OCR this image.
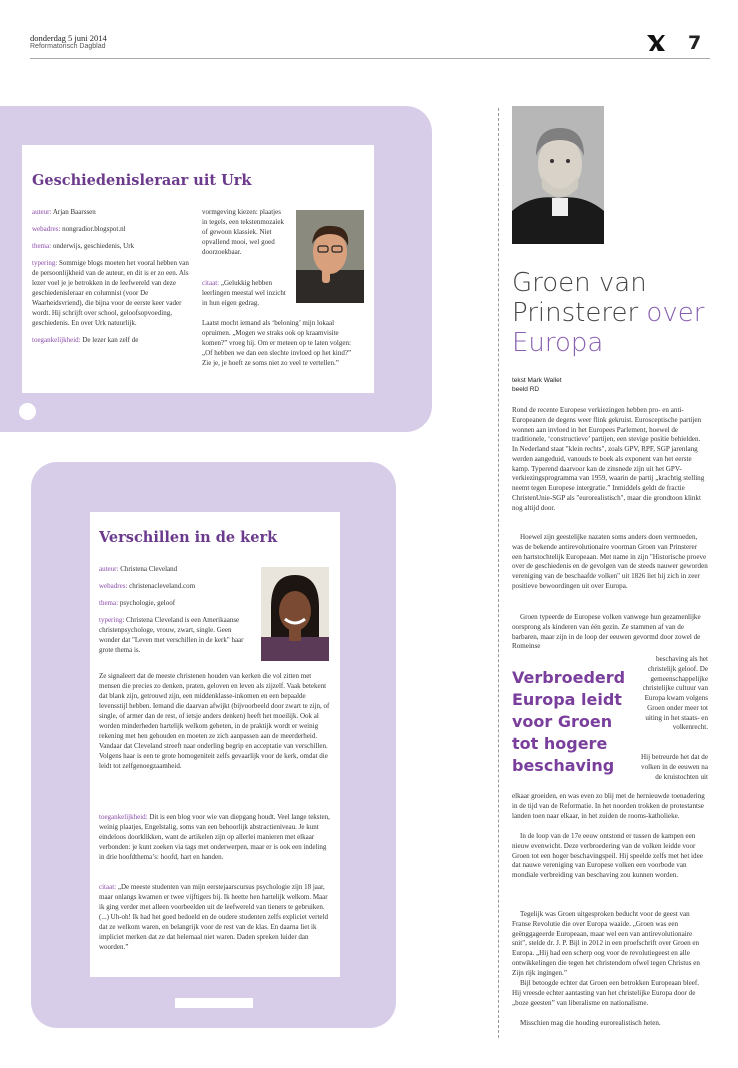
donderdag 5 juni 2014
Reformatorisch Dagblad	7
Geschiedenisleraar uit Urk
auteur: Arjan Baarssen
webadres: nongradior.blogspot.nl
thema: onderwijs, geschiedenis, Urk
typering: Sommige blogs moeten het vooral hebben van de persoonlijkheid van de auteur, en dit is er zo een. Als lezer voel je je betrokken in de leefwereld van deze geschiedenisleraar en columnist (voor De Waarheidsvriend), die bijna voor de eerste keer vader wordt. Hij schrijft over school, geloofsopvoeding, geschiedenis. En over Urk natuurlijk.
toegankelijkheid: De lezer kan zelf de
vormgeving kiezen: plaatjes in tegels, een tekstenmozaiek of gewoon klassiek. Niet opvallend mooi, wel goed doorzoekbaar.
citaat: „Gelukkig hebben leerlingen meestal wel inzicht in hun eigen gedrag.
Laatst mocht iemand als ‘beloning’ mijn lokaal opruimen. „Mogen we straks ook op kraamvisite komen?” vroeg hij. Om er meteen op te laten volgen: „Of hebben we dan een slechte invloed op het kind?” Zie je, je hoeft ze soms niet zo veel te vertellen.”
Verschillen in de kerk
auteur: Christena Cleveland
webadres: christenacleveland.com
thema: psychologie, geloof
typering: Christena Cleveland is een Amerikaanse christenpsychologe, vrouw, zwart, single. Geen wonder dat "Leven met verschillen in de kerk" haar grote thema is.
Ze signaleert dat de meeste christenen houden van kerken die vol zitten met mensen die precies zo denken, praten, geloven en leven als zijzelf. Vaak betekent dat blank zijn, getrouwd zijn, een middenklasse-inkomen en een bepaalde levensstijl hebben. Iemand die daarvan afwijkt (bijvoorbeeld door zwart te zijn, of single, of armer dan de rest, of ietsje anders denken) heeft het moeilijk. Ook al worden minderheden hartelijk welkom geheten, in de praktijk wordt er weinig rekening met hen gehouden en moeten ze zich aanpassen aan de meerderheid. Vandaar dat Cleveland streeft naar onderling begrip en acceptatie van verschillen. Volgens haar is een te grote homogeniteit zelfs gevaarlijk voor de kerk, omdat die leidt tot zelfgenoegzaamheid.
toegankelijkheid: Dit is een blog voor wie van diepgang houdt. Veel lange teksten, weinig plaatjes, Engelstalig, soms van een behoorlijk abstractieniveau. Je kunt eindeloos doorklikken, want de artikelen zijn op allerlei manieren met elkaar verbonden: je kunt zoeken via tags met onderwerpen, maar er is ook een indeling in drie hoofdthema’s: hoofd, hart en handen.
citaat: „De meeste studenten van mijn eerstejaarscursus psychologie zijn 18 jaar, maar onlangs kwamen er twee vijftigers bij. Ik heette hen hartelijk welkom. Maar ik ging verder met alleen voorbeelden uit de leefwereld van tieners te gebruiken. (...) Uh-oh! Ik had het goed bedoeld en de oudere studenten zelfs expliciet verteld dat ze welkom waren, en belangrijk voor de rest van de klas. En daarna liet ik impliciet merken dat ze dat helemaal niet waren. Daden spreken luider dan woorden.”
Groen van
Prinsterer over
Europa
tekst Mark Wallet
beeld RD
Rond de recente Europese verkiezingen hebben pro- en anti-Europeanen de degens weer flink gekruist. Eurosceptische partijen wonnen aan invloed in het Europees Parlement, hoewel de traditionele, ‘constructieve’ partijen, een stevige positie behielden. In Nederland staat "klein rechts", zoals GPV, RPF, SGP jarenlang werden aangeduid, vanouds te boek als exponent van het eerste kamp. Typerend daarvoor kan de zinsnede zijn uit het GPV-verkiezingsprogramma van 1959, waarin de partij „krachtig stelling neemt tegen Europese intergratie.” Inmiddels geldt de fractie ChristenUnie-SGP als "eurorealistisch", maar die grondtoon klinkt nog altijd door.
Hoewel zijn geestelijke nazaten soms anders doen vermoeden, was de bekende antirevolutionaire voorman Groen van Prinsterer een hartstochtelijk Europeaan. Met name in zijn "Historische proeve over de geschiedenis en de gevolgen van de steeds nauwer geworden vereniging van de beschaafde volken" uit 1826 liet hij zich in zeer positieve bewoordingen uit over Europa.
Groen typeerde de Europese volken vanwege hun gezamenlijke oorsprong als kinderen van één gezin. Ze stammen af van de barbaren, maar zijn in de loop der eeuwen gevormd door zowel de Romeinse
Verbroederd Europa leidt voor Groen tot hogere beschaving
beschaving als het christelijk geloof. De gemeenschappelijke christelijke cultuur van Europa kwam volgens Groen onder meer tot uiting in het staats- en volkenrecht.
Hij betreurde het dat de volken in de eeuwen na de kruistochten uit
elkaar groeiden, en was even zo blij met de hernieuwde toenadering in de tijd van de Reformatie. In het noorden trokken de protestantse landen toen naar elkaar, in het zuiden de rooms-katholieke.
In de loop van de 17e eeuw ontstond er tussen de kampen een nieuw evenwicht. Deze verbroedering van de volken leidde voor Groen tot een hoger beschavingspeil. Hij speelde zelfs met het idee dat nauwe vereniging van Europese volken een voorbode van mondiale verbreiding van beschaving zou kunnen worden.
Tegelijk was Groen uitgesproken beducht voor de geest van Franse Revolutie die over Europa waaide. „Groen was een geënggageerde Europeaan, maar wel een van antirevolutionaire snit", stelde dr. J. P. Bijl in 2012 in een proefschrift over Groen en Europa. „Hij had een scherp oog voor de revolutiegeest en alle ontwikkelingen die tegen het christendom ofwel tegen Christus en Zijn rijk ingingen.”
Bijl betoogde echter dat Groen een betrokken Europeaan bleef. Hij vreesde echter aantasting van het christelijke Europa door de „boze geesten” van liberalisme en nationalisme.
Misschien mag die houding eurorealistisch heten.
